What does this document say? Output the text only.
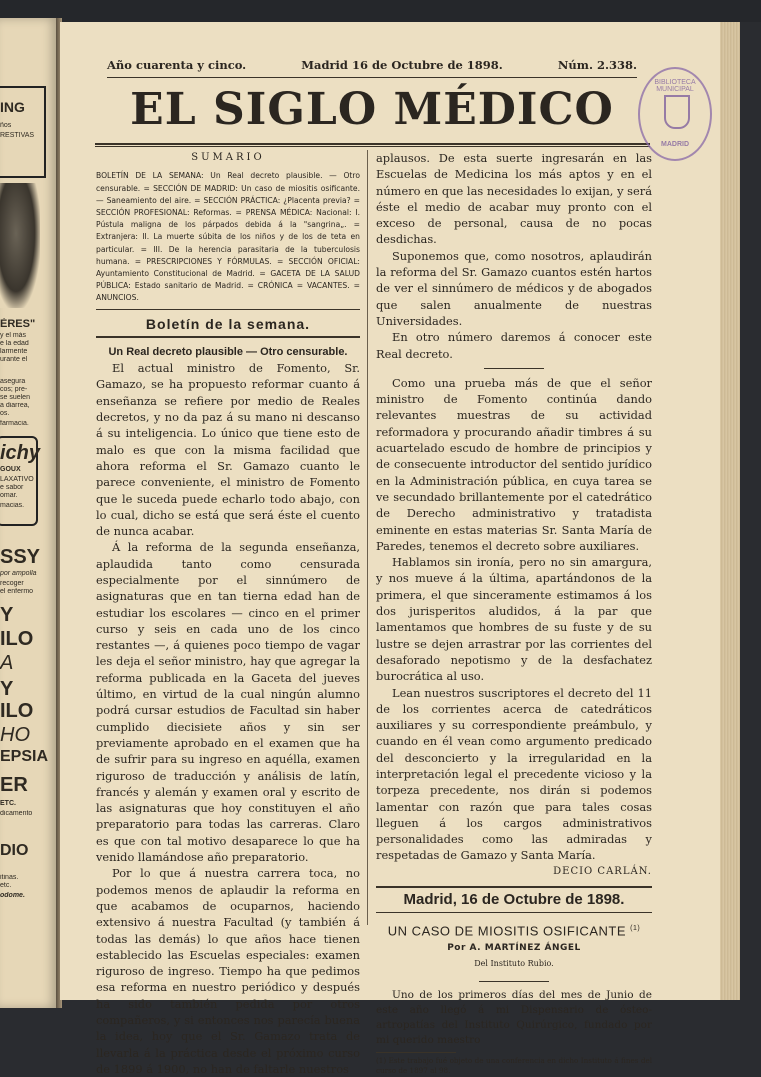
ING
ños
RESTIVAS
ÈRES"
y el más
e la edad
larmente
urante el
asegura
cos; pre-
se suelen
a diarrea,
os.
farmacia.
ichy
GOUX
LAXATIVO
e sabor
omar.
macias.
SSY
por ampolla
recoger
el enfermo
Y
ILO
A
Y
ILO
HO
EPSIA
ER
ETC.
dicamento
DIO
itinas.
etc.
odome.
Año cuarenta y cinco.	Madrid 16 de Octubre de 1898.	Núm. 2.338.
EL SIGLO MÉDICO
BIBLIOTECA MUNICIPAL
MADRID
SUMARIO
BOLETÍN DE LA SEMANA: Un Real decreto plausible. — Otro censurable. = SECCIÓN DE MADRID: Un caso de miositis osificante. — Saneamiento del aire. = SECCIÓN PRÁCTICA: ¿Placenta previa? = SECCIÓN PROFESIONAL: Reformas. = PRENSA MÉDICA: Nacional: I. Pústula maligna de los párpados debida á la "sangrina„. = Extranjera: II. La muerte súbita de los niños y de los de teta en particular. = III. De la herencia parasitaria de la tuberculosis humana. = PRESCRIPCIONES Y FÓRMULAS. = SECCIÓN OFICIAL: Ayuntamiento Constitucional de Madrid. = GACETA DE LA SALUD PÚBLICA: Estado sanitario de Madrid. = CRÓNICA = VACANTES. = ANUNCIOS.
Boletín de la semana.
Un Real decreto plausible — Otro censurable.

El actual ministro de Fomento, Sr. Gamazo, se ha propuesto reformar cuanto á enseñanza se refiere por medio de Reales decretos, y no da paz á su mano ni descanso á su inteligencia. Lo único que tiene esto de malo es que con la misma facilidad que ahora reforma el Sr. Gamazo cuanto le parece conveniente, el ministro de Fomento que le suceda puede echarlo todo abajo, con lo cual, dicho se está que será éste el cuento de nunca acabar.

Á la reforma de la segunda enseñanza, aplaudida tanto como censurada especialmente por el sinnúmero de asignaturas que en tan tierna edad han de estudiar los escolares — cinco en el primer curso y seis en cada uno de los cinco restantes —, á quienes poco tiempo de vagar les deja el señor ministro, hay que agregar la reforma publicada en la Gaceta del jueves último, en virtud de la cual ningún alumno podrá cursar estudios de Facultad sin haber cumplido diecisiete años y sin ser previamente aprobado en el examen que ha de sufrir para su ingreso en aquélla, examen riguroso de traducción y análisis de latín, francés y alemán y examen oral y escrito de las asignaturas que hoy constituyen el año preparatorio para todas las carreras. Claro es que con tal motivo desaparece lo que ha venido llamándose año preparatorio.

Por lo que á nuestra carrera toca, no podemos menos de aplaudir la reforma en que acabamos de ocuparnos, haciendo extensivo á nuestra Facultad (y también á todas las demás) lo que años hace tienen establecido las Escuelas especiales: examen riguroso de ingreso. Tiempo ha que pedimos esa reforma en nuestro periódico y después ha sido también pedida por otros compañeros, y si entonces nos parecía buena la idea, hoy que el Sr. Gamazo trata de llevarla á la práctica desde el próximo curso de 1899 á 1900, no han de faltarle nuestros

aplausos. De esta suerte ingresarán en las Escuelas de Medicina los más aptos y en el número en que las necesidades lo exijan, y será éste el medio de acabar muy pronto con el exceso de personal, causa de no pocas desdichas.

Suponemos que, como nosotros, aplaudirán la reforma del Sr. Gamazo cuantos estén hartos de ver el sinnúmero de médicos y de abogados que salen anualmente de nuestras Universidades.

En otro número daremos á conocer este Real decreto.

Como una prueba más de que el señor ministro de Fomento continúa dando relevantes muestras de su actividad reformadora y procurando añadir timbres á su acuartelado escudo de hombre de principios y de consecuente introductor del sentido jurídico en la Administración pública, en cuya tarea se ve secundado brillantemente por el catedrático de Derecho administrativo y tratadista eminente en estas materias Sr. Santa María de Paredes, tenemos el decreto sobre auxiliares.

Hablamos sin ironía, pero no sin amargura, y nos mueve á la última, apartándonos de la primera, el que sinceramente estimamos á los dos jurisperitos aludidos, á la par que lamentamos que hombres de su fuste y de su lustre se dejen arrastrar por las corrientes del desaforado nepotismo y de la desfachatez burocrática al uso.

Lean nuestros suscriptores el decreto del 11 de los corrientes acerca de catedráticos auxiliares y su correspondiente preámbulo, y cuando en él vean como argumento predicado del desconcierto y la irregularidad en la interpretación legal el precedente vicioso y la torpeza precedente, nos dirán si podemos lamentar con razón que para tales cosas lleguen á los cargos administrativos personalidades como las admiradas y respetadas de Gamazo y Santa María.

DECIO CARLÁN.
Madrid, 16 de Octubre de 1898.
UN CASO DE MIOSITIS OSIFICANTE $^{(1)}$
Por A. MARTÍNEZ ÁNGEL
Del Instituto Rubio.

Uno de los primeros días del mes de Junio de este año llegó á mi Dispensario de ósteo-artropatías del Instituto Quirúrgico, fundado por mi querido maestro

(1) Este trabajo fué objeto de una conferencia en dicho Instituto á fines del curso de 1897 al 98.
